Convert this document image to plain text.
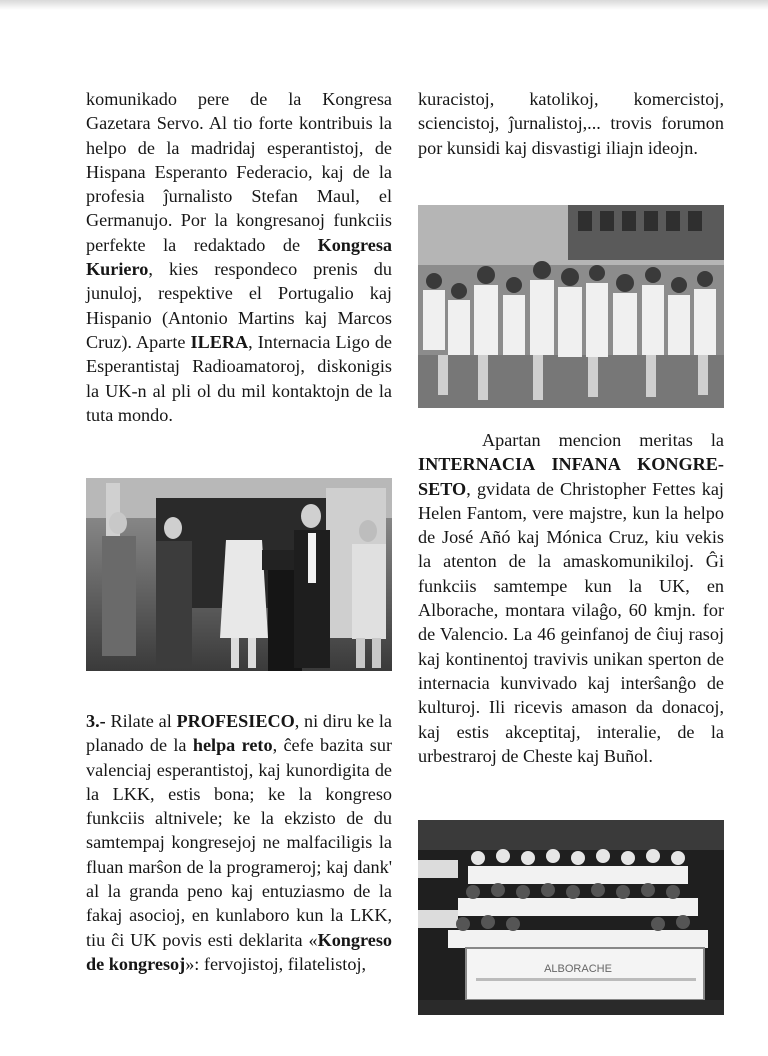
komunikado pere de la Kongresa Gazetara Servo. Al tio forte kontribuis la helpo de la madridaj esperantistoj, de Hispana Esperanto Federacio, kaj de la profesia ĵurnalisto Stefan Maul, el Germanujo. Por la kongresanoj funkciis perfekte la redaktado de Kongresa Kuriero, kies respondeco prenis du junuloj, respektive el Portugalio kaj Hispanio (Antonio Martins kaj Marcos Cruz). Aparte ILERA, Internacia Ligo de Esperantistaj Radioamatoroj, diskonigis la UK-n al pli ol du mil kontaktojn de la tuta mondo.

3.- Rilate al PROFESIECO, ni diru ke la planado de la helpa reto, ĉefe bazita sur valenciaj esperantistoj, kaj kunordigita de la LKK, estis bona; ke la kongreso funkciis altnivele; ke la ekzisto de du samtempaj kongresejoj ne malfaciligis la fluan marŝon de la programeroj; kaj dank' al la granda peno kaj entuziasmo de la fakaj asocioj, en kunlaboro kun la LKK, tiu ĉi UK povis esti deklarita «Kongreso de kongresoj»: fervojistoj, filatelistoj,

kuracistoj, katolikoj, komercistoj, sciencistoj, ĵurnalistoj,... trovis forumon por kunsidi kaj disvastigi iliajn ideojn.

Apartan mencion meritas la INTERNACIA INFANA KONGRE-SETO, gvidata de Christopher Fettes kaj Helen Fantom, vere majstre, kun la helpo de José Añó kaj Mónica Cruz, kiu vekis la atenton de la amaskomunikiloj. Ĝi funkciis samtempe kun la UK, en Alborache, montara vilaĝo, 60 kmjn. for de Valencio. La 46 geinfanoj de ĉiuj rasoj kaj kontinentoj travivis unikan sperton de internacia kunvivado kaj interŝanĝo de kulturoj. Ili ricevis amason da donacoj, kaj estis akceptitaj, interalie, de la urbestraroj de Cheste kaj Buñol.

ALBORACHE
